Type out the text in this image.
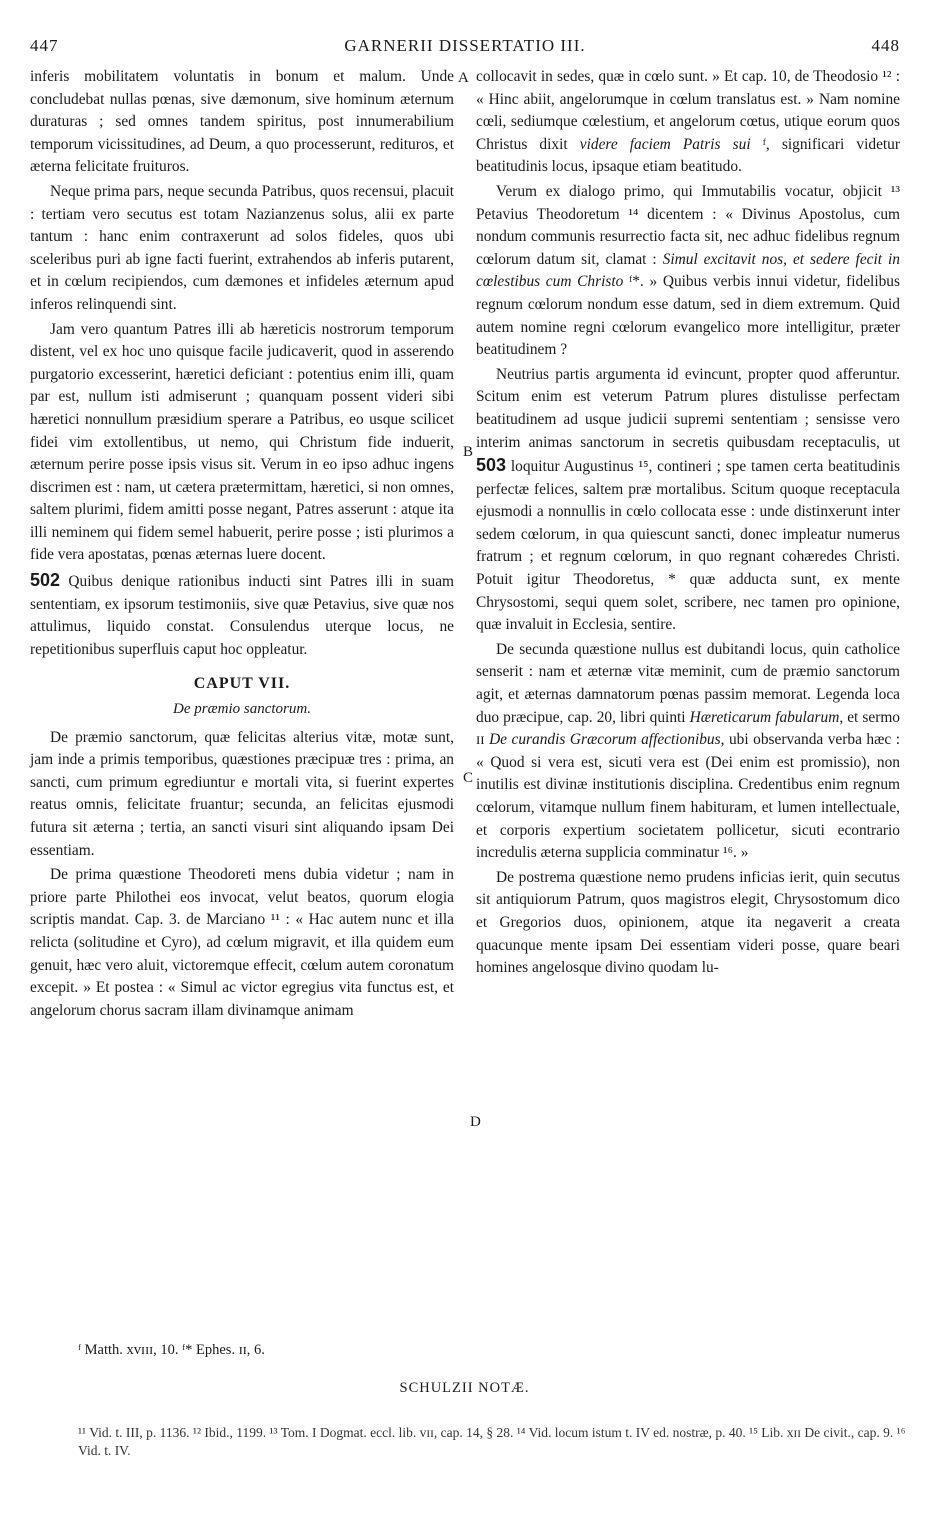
447	GARNERII DISSERTATIO III.	448

inferis mobilitatem voluntatis in bonum et malum. Unde concludebat nullas pœnas, sive dæmonum, sive hominum æternum duraturas ; sed omnes tandem spiritus, post innumerabilium temporum vicissitudines, ad Deum, a quo processerunt, redituros, et æterna felicitate fruituros.

Neque prima pars, neque secunda Patribus, quos recensui, placuit : tertiam vero secutus est totam Nazianzenus solus, alii ex parte tantum : hanc enim contraxerunt ad solos fideles, quos ubi sceleribus puri ab igne facti fuerint, extrahendos ab inferis putarent, et in cœlum recipiendos, cum dæmones et infideles æternum apud inferos relinquendi sint.

Jam vero quantum Patres illi ab hæreticis nostrorum temporum distent, vel ex hoc uno quisque facile judicaverit, quod in asserendo purgatorio excesserint, hæretici deficiant : potentius enim illi, quam par est, nullum isti admiserunt ; quanquam possent videri sibi hæretici nonnullum præsidium sperare a Patribus, eo usque scilicet fidei vim extollentibus, ut nemo, qui Christum fide induerit, æternum perire posse ipsis visus sit. Verum in eo ipso adhuc ingens discrimen est : nam, ut cætera prætermittam, hæretici, si non omnes, saltem plurimi, fidem amitti posse negant, Patres asserunt : atque ita illi neminem qui fidem semel habuerit, perire posse ; isti plurimos a fide vera apostatas, pœnas æternas luere docent.

502 Quibus denique rationibus inducti sint Patres illi in suam sententiam, ex ipsorum testimoniis, sive quæ Petavius, sive quæ nos attulimus, liquido constat. Consulendus uterque locus, ne repetitionibus superfluis caput hoc oppleatur.

CAPUT VII.

De præmio sanctorum.

De præmio sanctorum, quæ felicitas alterius vitæ, motæ sunt, jam inde a primis temporibus, quæstiones præcipuæ tres : prima, an sancti, cum primum egrediuntur e mortali vita, si fuerint expertes reatus omnis, felicitate fruantur; secunda, an felicitas ejusmodi futura sit æterna ; tertia, an sancti visuri sint aliquando ipsam Dei essentiam.

De prima quæstione Theodoreti mens dubia videtur ; nam in priore parte Philothei eos invocat, velut beatos, quorum elogia scriptis mandat. Cap. 3. de Marciano ¹¹ : « Hac autem nunc et illa relicta (solitudine et Cyro), ad cœlum migravit, et illa quidem eum genuit, hæc vero aluit, victoremque effecit, cœlum autem coronatum excepit. » Et postea : « Simul ac victor egregius vita functus est, et angelorum chorus sacram illam divinamque animam

A
B
C
D

collocavit in sedes, quæ in cœlo sunt. » Et cap. 10, de Theodosio ¹² : « Hinc abiit, angelorumque in cœlum translatus est. » Nam nomine cœli, sediumque cœlestium, et angelorum cœtus, utique eorum quos Christus dixit videre faciem Patris sui ᶠ, significari videtur beatitudinis locus, ipsaque etiam beatitudo.

Verum ex dialogo primo, qui Immutabilis vocatur, objicit ¹³ Petavius Theodoretum ¹⁴ dicentem : « Divinus Apostolus, cum nondum communis resurrectio facta sit, nec adhuc fidelibus regnum cœlorum datum sit, clamat : Simul excitavit nos, et sedere fecit in cœlestibus cum Christo ᶠ*. » Quibus verbis innui videtur, fidelibus regnum cœlorum nondum esse datum, sed in diem extremum. Quid autem nomine regni cœlorum evangelico more intelligitur, præter beatitudinem ?

Neutrius partis argumenta id evincunt, propter quod afferuntur. Scitum enim est veterum Patrum plures distulisse perfectam beatitudinem ad usque judicii supremi sententiam ; sensisse vero interim animas sanctorum in secretis quibusdam receptaculis, ut 503 loquitur Augustinus ¹⁵, contineri ; spe tamen certa beatitudinis perfectæ felices, saltem præ mortalibus. Scitum quoque receptacula ejusmodi a nonnullis in cœlo collocata esse : unde distinxerunt inter sedem cœlorum, in qua quiescunt sancti, donec impleatur numerus fratrum ; et regnum cœlorum, in quo regnant cohæredes Christi. Potuit igitur Theodoretus, * quæ adducta sunt, ex mente Chrysostomi, sequi quem solet, scribere, nec tamen pro opinione, quæ invaluit in Ecclesia, sentire.

De secunda quæstione nullus est dubitandi locus, quin catholice senserit : nam et æternæ vitæ meminit, cum de præmio sanctorum agit, et æternas damnatorum pœnas passim memorat. Legenda loca duo præcipue, cap. 20, libri quinti Hæreticarum fabularum, et sermo ɪɪ De curandis Græcorum affectionibus, ubi observanda verba hæc : « Quod si vera est, sicuti vera est (Dei enim est promissio), non inutilis est divinæ institutionis disciplina. Credentibus enim regnum cœlorum, vitamque nullum finem habituram, et lumen intellectuale, et corporis expertium societatem pollicetur, sicuti econtrario incredulis æterna supplicia comminatur ¹⁶. »

De postrema quæstione nemo prudens inficias ierit, quin secutus sit antiquiorum Patrum, quos magistros elegit, Chrysostomum dico et Gregorios duos, opinionem, atque ita negaverit a creata quacunque mente ipsam Dei essentiam videri posse, quare beari homines angelosque divino quodam lu-

ᶠ Matth. xvɪɪɪ, 10. ᶠ* Ephes. ɪɪ, 6.
SCHULZII NOTÆ.
¹¹ Vid. t. III, p. 1136. ¹² Ibid., 1199. ¹³ Tom. I Dogmat. eccl. lib. vɪɪ, cap. 14, § 28. ¹⁴ Vid. locum istum t. IV ed. nostræ, p. 40. ¹⁵ Lib. xɪɪ De civit., cap. 9. ¹⁶ Vid. t. IV.
